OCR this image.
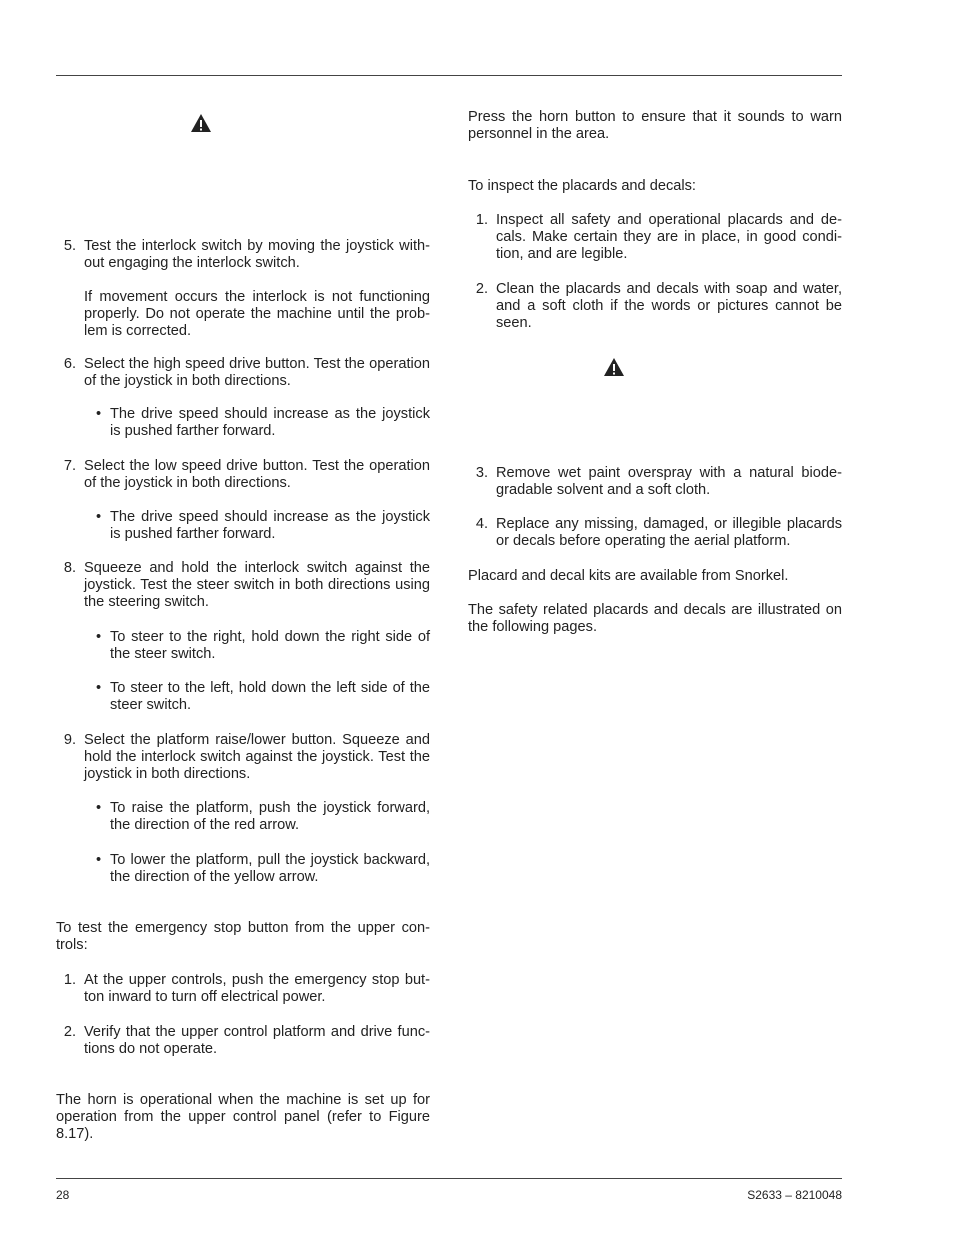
5. Test the interlock switch by moving the joystick without engaging the interlock switch.

If movement occurs the interlock is not functioning properly. Do not operate the machine until the problem is corrected.

6. Select the high speed drive button. Test the operation of the joystick in both directions.

• The drive speed should increase as the joystick is pushed farther forward.

7. Select the low speed drive button. Test the operation of the joystick in both directions.

• The drive speed should increase as the joystick is pushed farther forward.

8. Squeeze and hold the interlock switch against the joystick. Test the steer switch in both directions using the steering switch.

• To steer to the right, hold down the right side of the steer switch.

• To steer to the left, hold down the left side of the steer switch.

9. Select the platform raise/lower button. Squeeze and hold the interlock switch against the joystick. Test the joystick in both directions.

• To raise the platform, push the joystick forward, the direction of the red arrow.

• To lower the platform, pull the joystick backward, the direction of the yellow arrow.

To test the emergency stop button from the upper controls:

1. At the upper controls, push the emergency stop button inward to turn off electrical power.

2. Verify that the upper control platform and drive functions do not operate.

The horn is operational when the machine is set up for operation from the upper control panel (refer to Figure 8.17).

Press the horn button to ensure that it sounds to warn personnel in the area.

To inspect the placards and decals:

1. Inspect all safety and operational placards and decals. Make certain they are in place, in good condition, and are legible.

2. Clean the placards and decals with soap and water, and a soft cloth if the words or pictures cannot be seen.

3. Remove wet paint overspray with a natural biodegradable solvent and a soft cloth.

4. Replace any missing, damaged, or illegible placards or decals before operating the aerial platform.

Placard and decal kits are available from Snorkel.

The safety related placards and decals are illustrated on the following pages.

28	S2633 – 8210048
